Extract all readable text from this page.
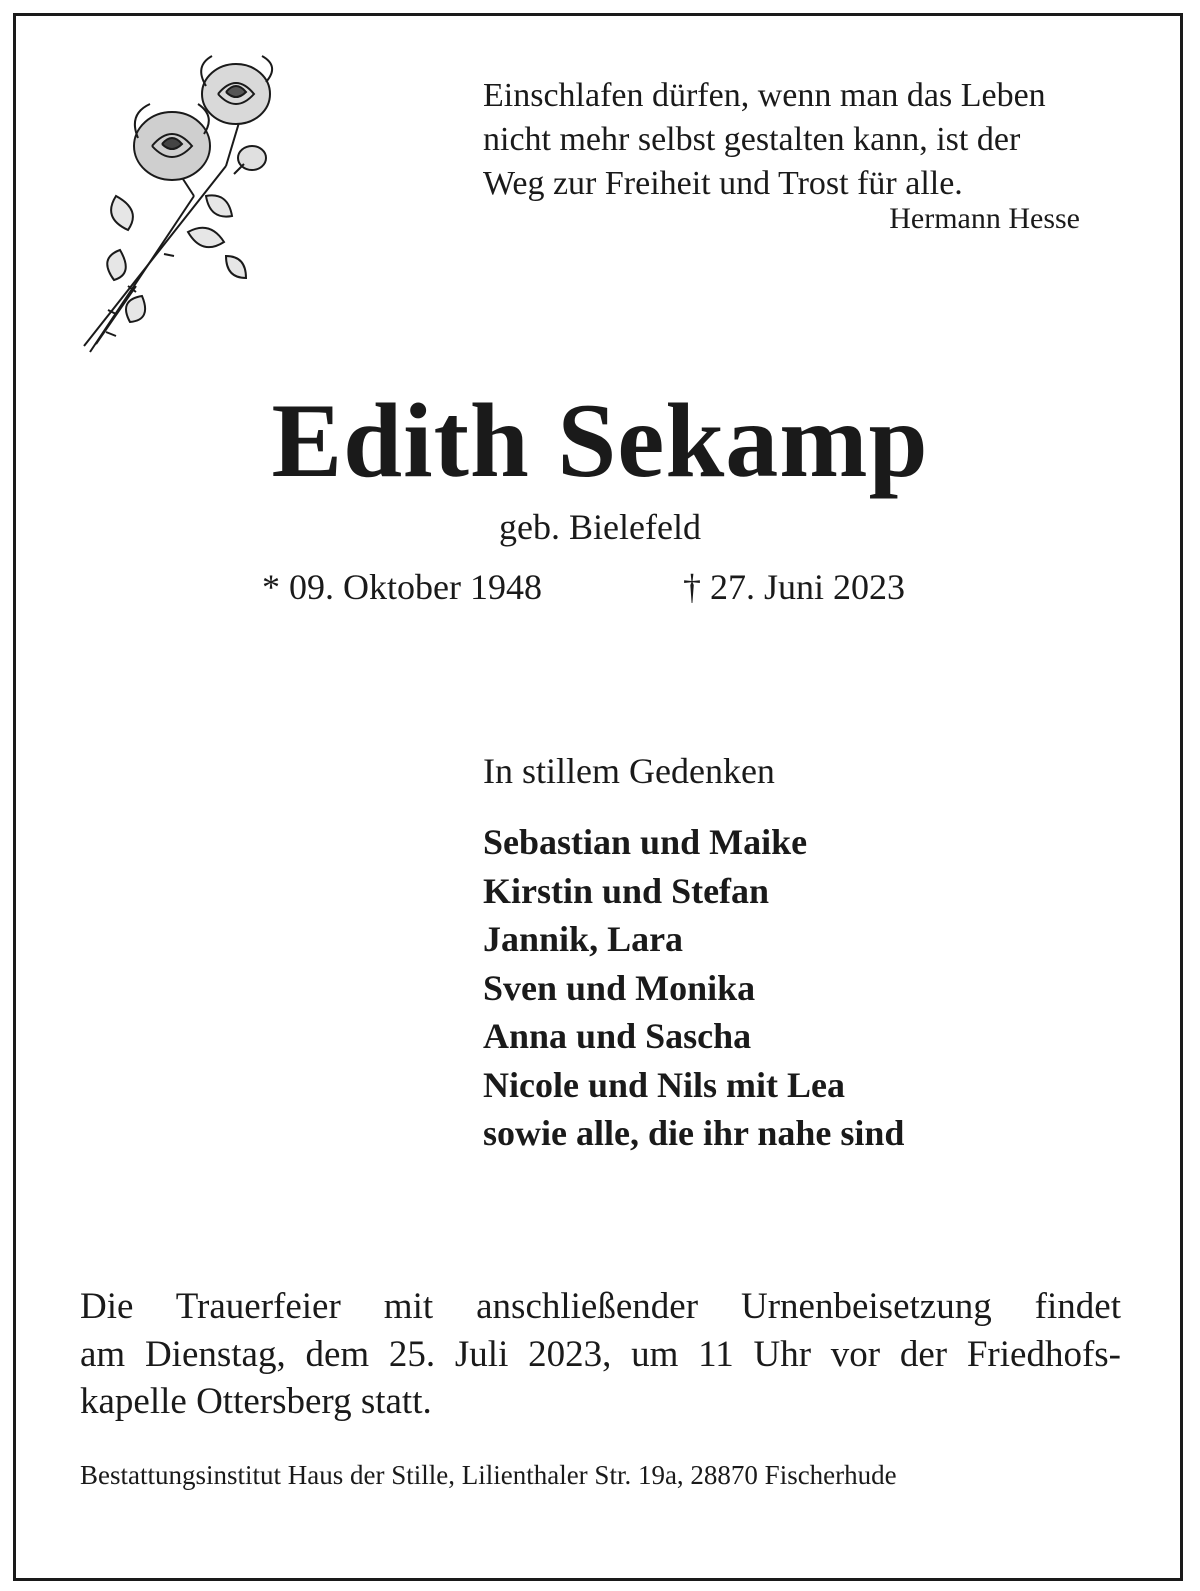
Einschlafen dürfen, wenn man das Leben

nicht mehr selbst gestalten kann, ist der

Weg zur Freiheit und Trost für alle.

Hermann Hesse
Edith Sekamp
geb. Bielefeld
* 09. Oktober 1948	† 27. Juni 2023
In stillem Gedenken
Sebastian und Maike
Kirstin und Stefan
Jannik, Lara
Sven und Monika
Anna und Sascha
Nicole und Nils mit Lea
sowie alle, die ihr nahe sind
Die Trauerfeier mit anschließender Urnenbeisetzung findet
am Dienstag, dem 25. Juli 2023, um 11 Uhr vor der Friedhofs-
kapelle Ottersberg statt.
Bestattungsinstitut Haus der Stille, Lilienthaler Str. 19a, 28870 Fischerhude
